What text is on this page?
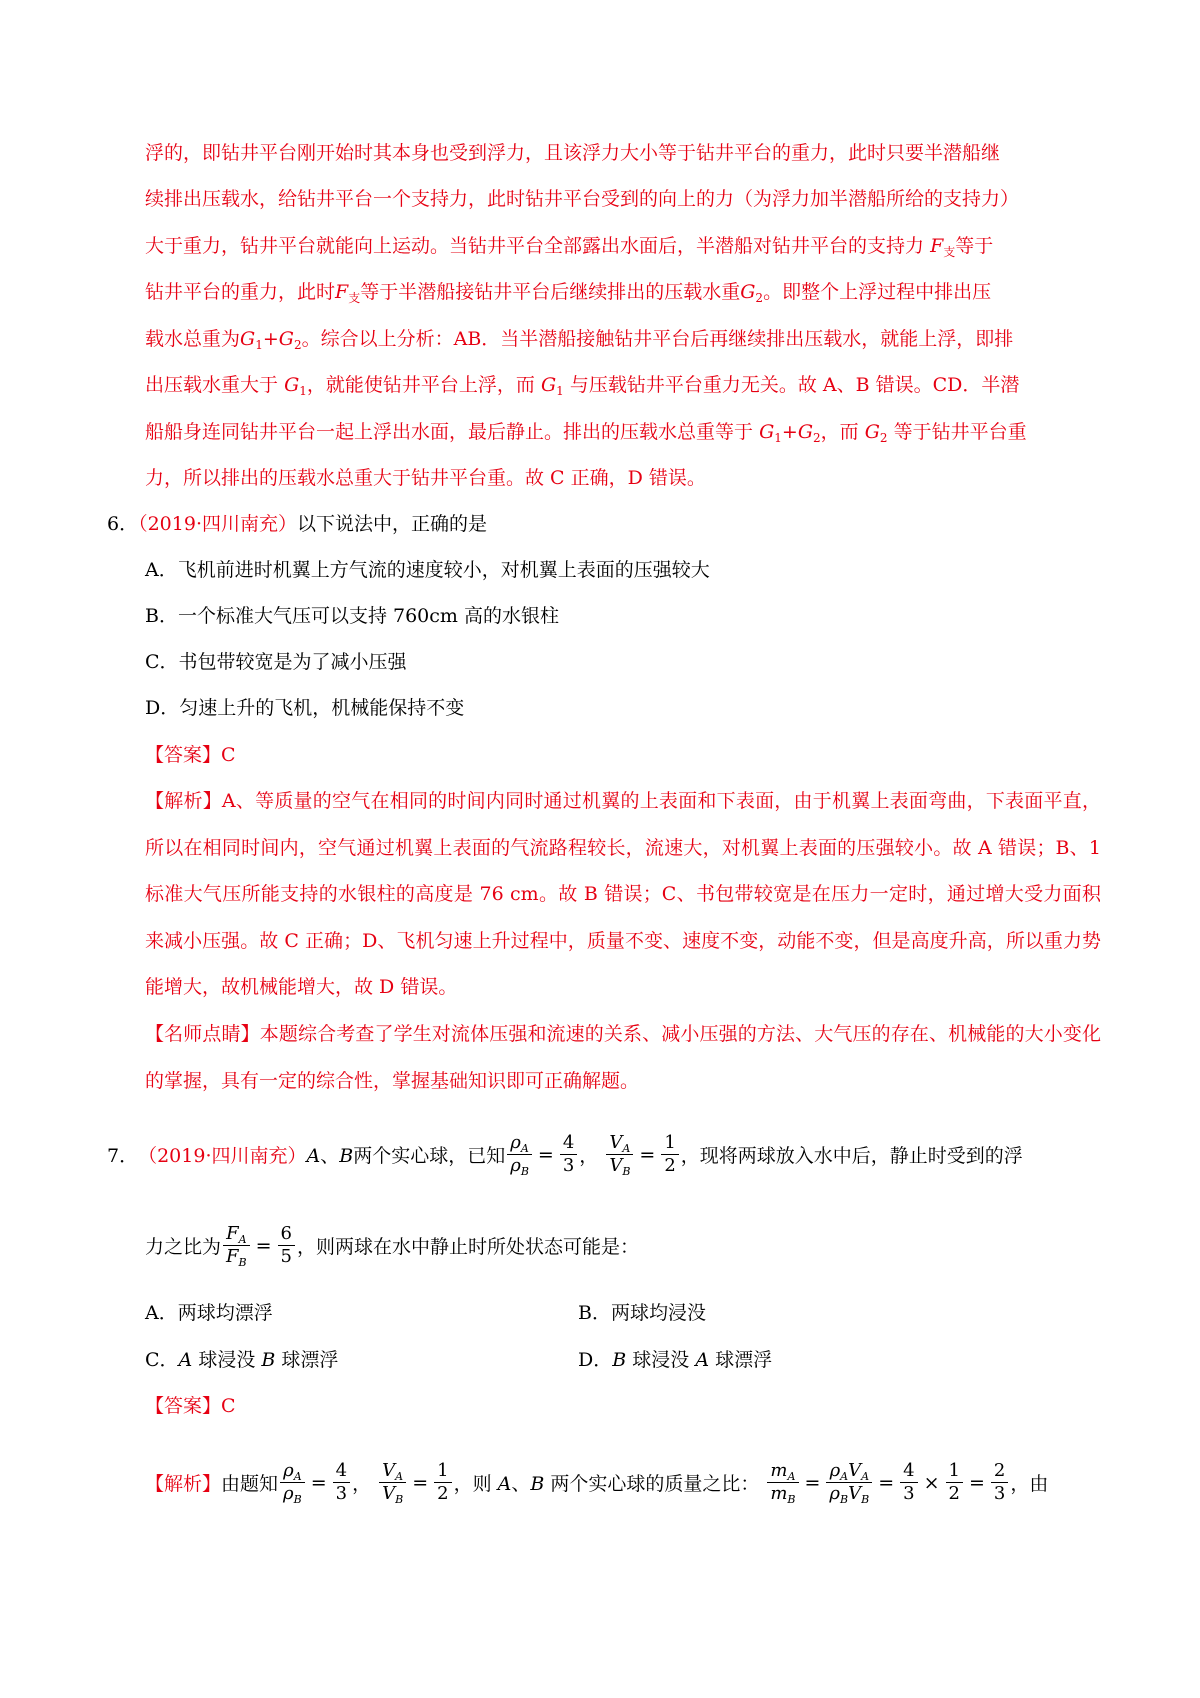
浮的，即钻井平台刚开始时其本身也受到浮力，且该浮力大小等于钻井平台的重力，此时只要半潜船继
续排出压载水，给钻井平台一个支持力，此时钻井平台受到的向上的力（为浮力加半潜船所给的支持力）
大于重力，钻井平台就能向上运动。当钻井平台全部露出水面后，半潜船对钻井平台的支持力 $F_支$等于
钻井平台的重力，此时$F_支$等于半潜船接钻井平台后继续排出的压载水重$G_2$。即整个上浮过程中排出压
载水总重为$G_1+G_2$。综合以上分析：AB．当半潜船接触钻井平台后再继续排出压载水，就能上浮，即排
出压载水重大于 $G_1$，就能使钻井平台上浮，而 $G_1$ 与压载钻井平台重力无关。故 A、B 错误。CD．半潜
船船身连同钻井平台一起上浮出水面，最后静止。排出的压载水总重等于 $G_1+G_2$，而 $G_2$ 等于钻井平台重
力，所以排出的压载水总重大于钻井平台重。故 C 正确，D 错误。
6．（2019·四川南充）以下说法中，正确的是
A．飞机前进时机翼上方气流的速度较小，对机翼上表面的压强较大
B．一个标准大气压可以支持 760cm 高的水银柱
C．书包带较宽是为了减小压强
D．匀速上升的飞机，机械能保持不变
【答案】C

【解析】A、等质量的空气在相同的时间内同时通过机翼的上表面和下表面，由于机翼上表面弯曲，下表面平直，所以在相同时间内，空气通过机翼上表面的气流路程较长，流速大，对机翼上表面的压强较小。故 A 错误；B、1 标准大气压所能支持的水银柱的高度是 76 cm。故 B 错误；C、书包带较宽是在压力一定时，通过增大受力面积来减小压强。故 C 正确；D、飞机匀速上升过程中，质量不变、速度不变，动能不变，但是高度升高，所以重力势能增大，故机械能增大，故 D 错误。

【名师点睛】本题综合考查了学生对流体压强和流速的关系、减小压强的方法、大气压的存在、机械能的大小变化的掌握，具有一定的综合性，掌握基础知识即可正确解题。

7． （2019·四川南充） A、B 两个实心球，已知 $\frac{\rho_A}{\rho_B} = \frac{4}{3}$ ， $\frac{V_A}{V_B} = \frac{1}{2}$ ，现将两球放入水中后，静止时受到的浮
力之比为 $\frac{F_A}{F_B} = \frac{6}{5}$ ，则两球在水中静止时所处状态可能是：
A．两球均漂浮	B．两球均浸没
C．A 球浸没 B 球漂浮	D．B 球浸没 A 球漂浮
【答案】C
【解析】 由题知 $\frac{\rho_A}{\rho_B} = \frac{4}{3}$ ， $\frac{V_A}{V_B} = \frac{1}{2}$ ，则 A、B 两个实心球的质量之比： $\frac{m_A}{m_B} = \frac{\rho_AV_A}{\rho_BV_B} = \frac{4}{3} \times \frac{1}{2} = \frac{2}{3}$ ，由
